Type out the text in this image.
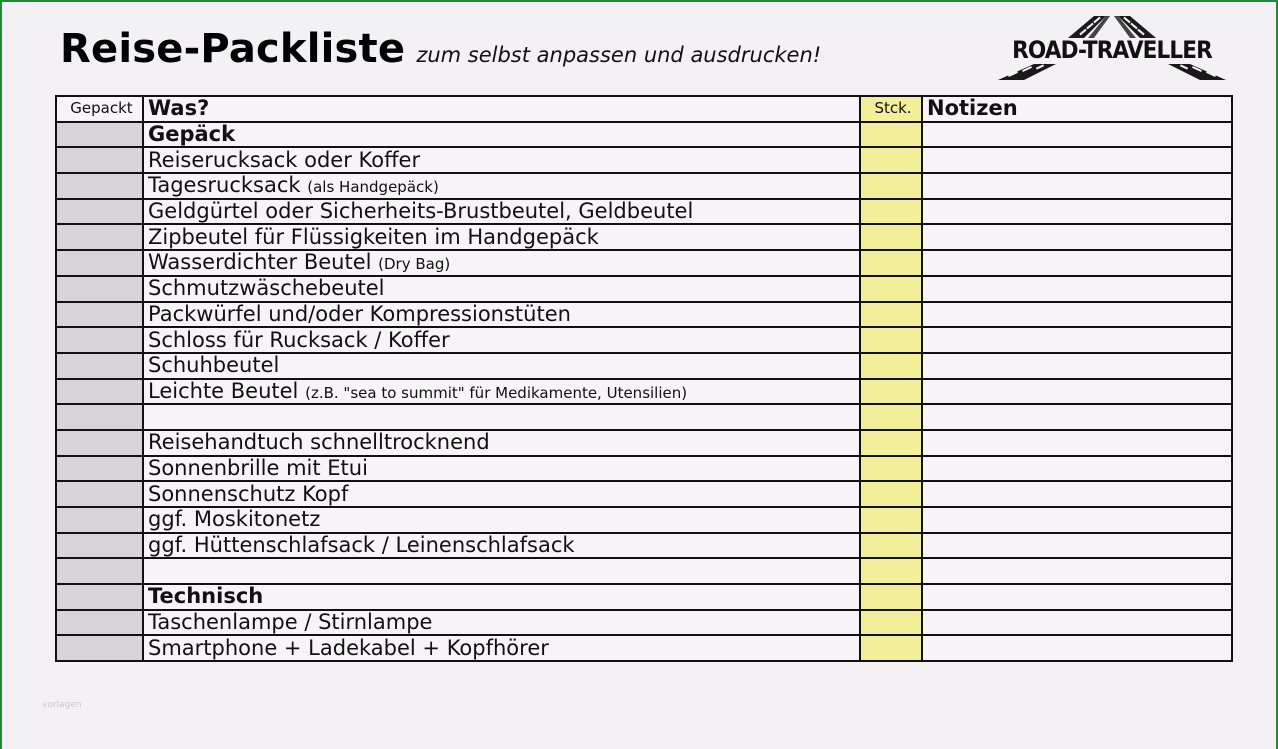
Reise-Packliste zum selbst anpassen und ausdrucken!	ROAD-TRAVELLER
Gepackt	Was?	Stck.	Notizen
	Gepäck		
	Reiserucksack oder Koffer		
	Tagesrucksack (als Handgepäck)		
	Geldgürtel oder Sicherheits-Brustbeutel, Geldbeutel		
	Zipbeutel für Flüssigkeiten im Handgepäck		
	Wasserdichter Beutel (Dry Bag)		
	Schmutzwäschebeutel		
	Packwürfel und/oder Kompressionstüten		
	Schloss für Rucksack / Koffer		
	Schuhbeutel		
	Leichte Beutel (z.B. "sea to summit" für Medikamente, Utensilien)		

	Reisehandtuch schnelltrocknend		
	Sonnenbrille mit Etui		
	Sonnenschutz Kopf		
	ggf. Moskitonetz		
	ggf. Hüttenschlafsack / Leinenschlafsack		

	Technisch		
	Taschenlampe / Stirnlampe		
	Smartphone + Ladekabel + Kopfhörer		
vorlagen
